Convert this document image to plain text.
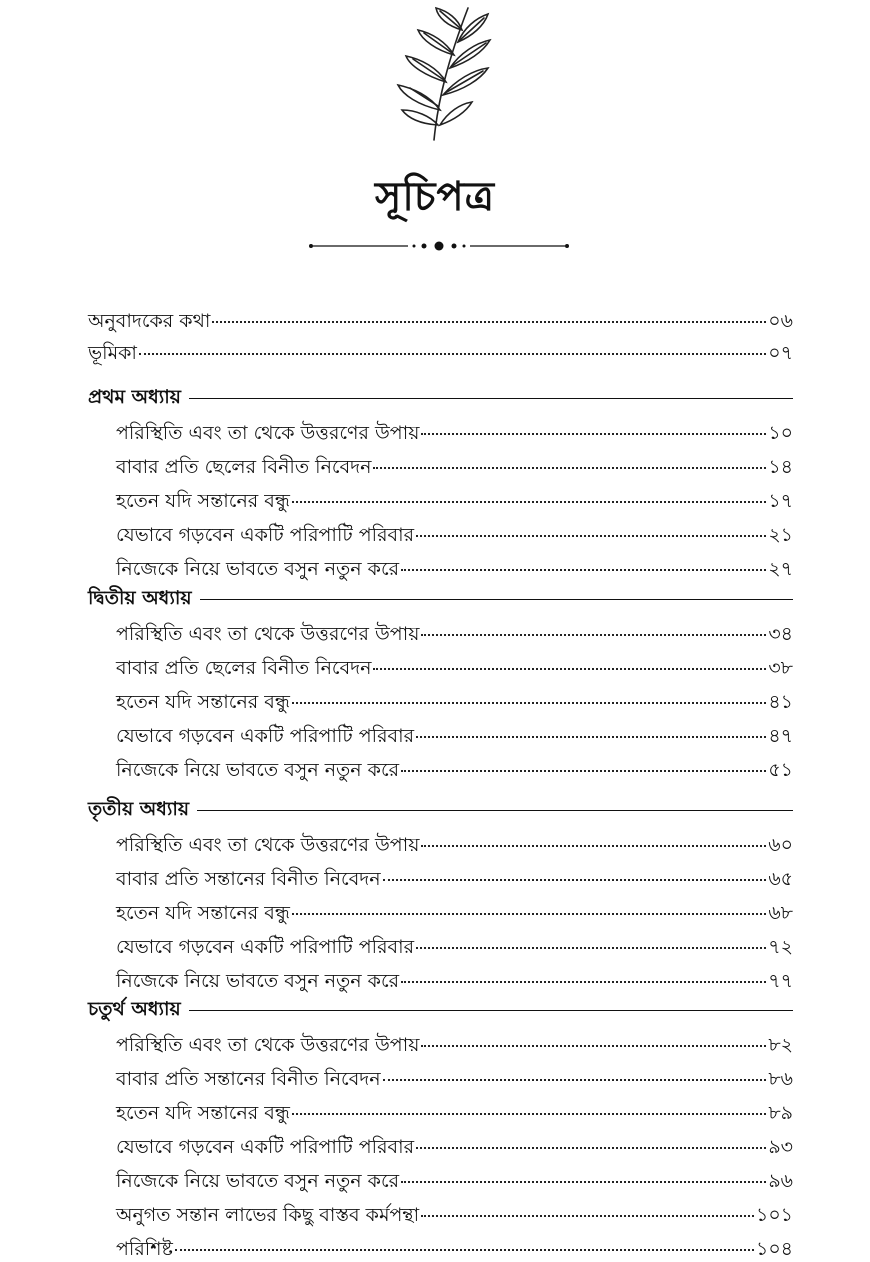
সূচিপত্র
অনুবাদকের কথা	০৬
ভূমিকা	০৭
প্রথম অধ্যায়
পরিস্থিতি এবং তা থেকে উত্তরণের উপায়	১০
বাবার প্রতি ছেলের বিনীত নিবেদন	১৪
হতেন যদি সন্তানের বন্ধু	১৭
যেভাবে গড়বেন একটি পরিপাটি পরিবার	২১
নিজেকে নিয়ে ভাবতে বসুন নতুন করে	২৭
দ্বিতীয় অধ্যায়
পরিস্থিতি এবং তা থেকে উত্তরণের উপায়	৩৪
বাবার প্রতি ছেলের বিনীত নিবেদন	৩৮
হতেন যদি সন্তানের বন্ধু	৪১
যেভাবে গড়বেন একটি পরিপাটি পরিবার	৪৭
নিজেকে নিয়ে ভাবতে বসুন নতুন করে	৫১
তৃতীয় অধ্যায়
পরিস্থিতি এবং তা থেকে উত্তরণের উপায়	৬০
বাবার প্রতি সন্তানের বিনীত নিবেদন	৬৫
হতেন যদি সন্তানের বন্ধু	৬৮
যেভাবে গড়বেন একটি পরিপাটি পরিবার	৭২
নিজেকে নিয়ে ভাবতে বসুন নতুন করে	৭৭
চতুর্থ অধ্যায়
পরিস্থিতি এবং তা থেকে উত্তরণের উপায়	৮২
বাবার প্রতি সন্তানের বিনীত নিবেদন	৮৬
হতেন যদি সন্তানের বন্ধু	৮৯
যেভাবে গড়বেন একটি পরিপাটি পরিবার	৯৩
নিজেকে নিয়ে ভাবতে বসুন নতুন করে	৯৬
অনুগত সন্তান লাভের কিছু বাস্তব কর্মপন্থা	১০১
পরিশিষ্ট	১০৪
